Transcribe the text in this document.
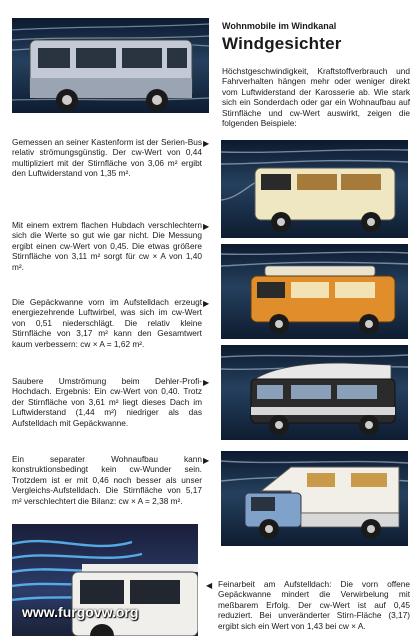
Wohnmobile im Windkanal

Windgesichter

Höchstgeschwindigkeit, Kraftstoffverbrauch und Fahrverhalten hängen mehr oder weniger direkt vom Luftwiderstand der Karosserie ab. Wie stark sich ein Sonderdach oder gar ein Wohnaufbau auf Stirnfläche und cw-Wert auswirkt, zeigen die folgenden Beispiele:

▶

Gemessen an seiner Kastenform ist der Serien-Bus relativ strömungsgünstig. Der cw-Wert von 0,44 multipliziert mit der Stirnfläche von 3,06 m² ergibt den Luftwiderstand von 1,35 m².

▶

Mit einem extrem flachen Hubdach verschlechtern sich die Werte so gut wie gar nicht. Die Messung ergibt einen cw-Wert von 0,45. Die etwas größere Stirnfläche von 3,11 m² sorgt für cw × A von 1,40 m².

▶

Die Gepäckwanne vorn im Aufstelldach erzeugt energiezehrende Luftwirbel, was sich im cw-Wert von 0,51 niederschlägt. Die relativ kleine Stirnfläche von 3,17 m² kann den Gesamtwert kaum verbessern: cw × A = 1,62 m².

▶

Saubere Umströmung beim Dehler-Profi-Hochdach. Ergebnis: Ein cw-Wert von 0,40. Trotz der Stirnfläche von 3,61 m² liegt dieses Dach im Luftwiderstand (1,44 m²) niedriger als das Aufstelldach mit Gepäckwanne.

▶

Ein separater Wohnaufbau kann konstruktionsbedingt kein cw-Wunder sein. Trotzdem ist er mit 0,46 noch besser als unser Vergleichs-Aufstelldach. Die Stirnfläche von 5,17 m² verschlechtert die Bilanz: cw × A = 2,38 m².

www.furgovw.org
◀ Feinarbeit am Aufstelldach: Die vorn offene Gepäckwanne mindert die Verwirbelung mit meßbarem Erfolg. Der cw-Wert ist auf 0,45 reduziert. Bei unveränderter Stirn-Fläche (3,17) ergibt sich ein Wert von 1,43 bei cw × A.
